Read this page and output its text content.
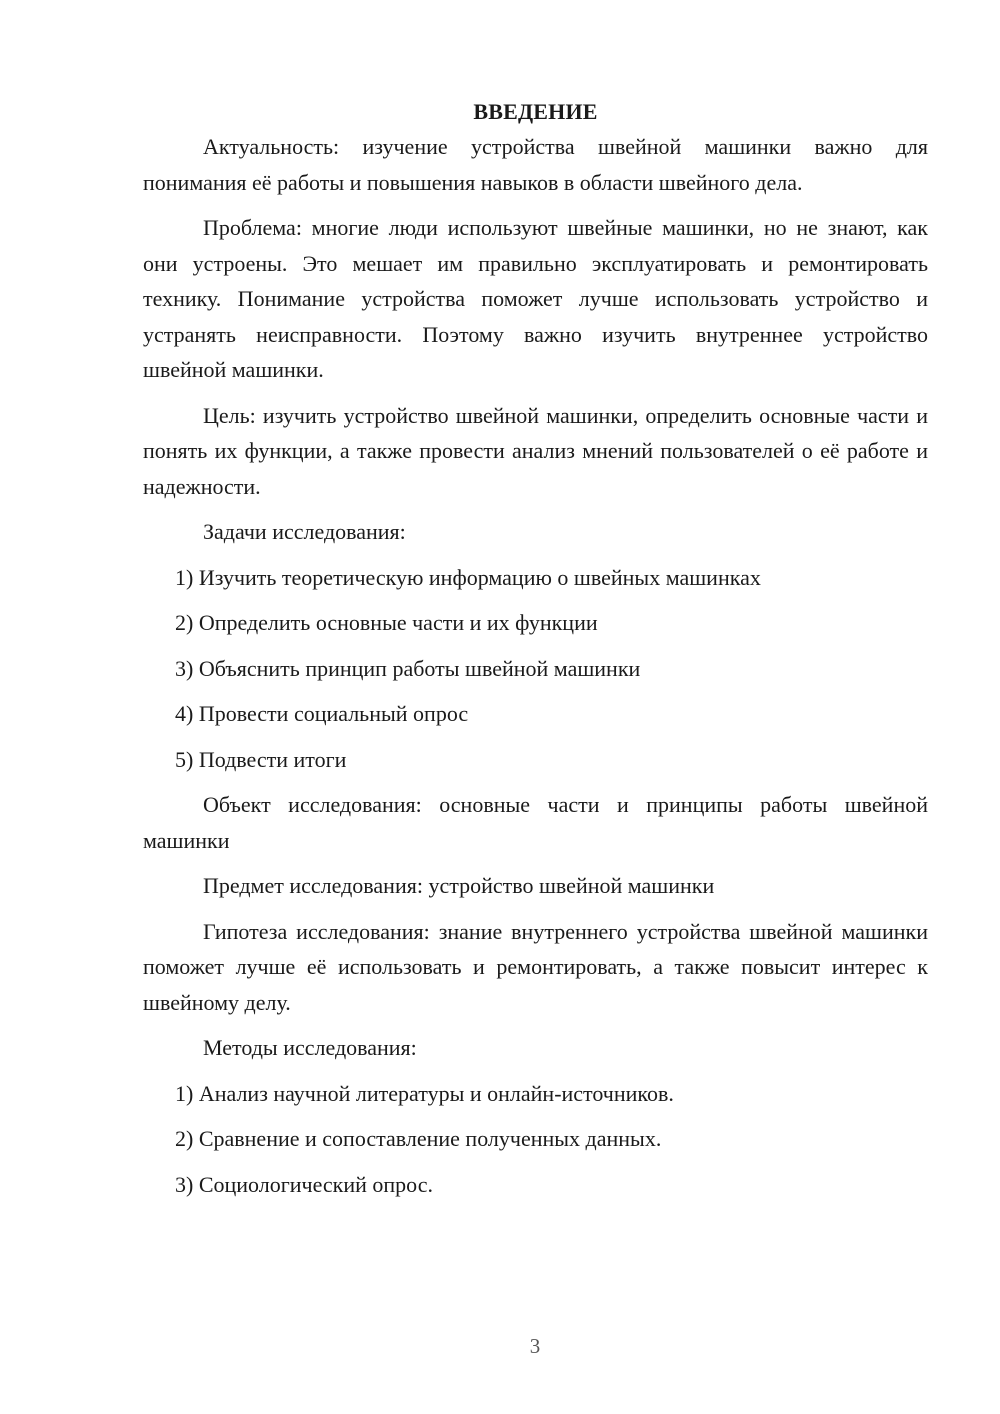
ВВЕДЕНИЕ

Актуальность: изучение устройства швейной машинки важно для понимания её работы и повышения навыков в области швейного дела.

Проблема: многие люди используют швейные машинки, но не знают, как они устроены. Это мешает им правильно эксплуатировать и ремонтировать технику. Понимание устройства поможет лучше использовать устройство и устранять неисправности. Поэтому важно изучить внутреннее устройство швейной машинки.

Цель: изучить устройство швейной машинки, определить основные части и понять их функции, а также провести анализ мнений пользователей о её работе и надежности.

Задачи исследования:

1) Изучить теоретическую информацию о швейных машинках
2) Определить основные части и их функции
3) Объяснить принцип работы швейной машинки
4) Провести социальный опрос
5) Подвести итоги

Объект исследования: основные части и принципы работы швейной машинки

Предмет исследования: устройство швейной машинки

Гипотеза исследования: знание внутреннего устройства швейной машинки поможет лучше её использовать и ремонтировать, а также повысит интерес к швейному делу.

Методы исследования:

1) Анализ научной литературы и онлайн-источников.
2) Сравнение и сопоставление полученных данных.
3) Социологический опрос.
3
